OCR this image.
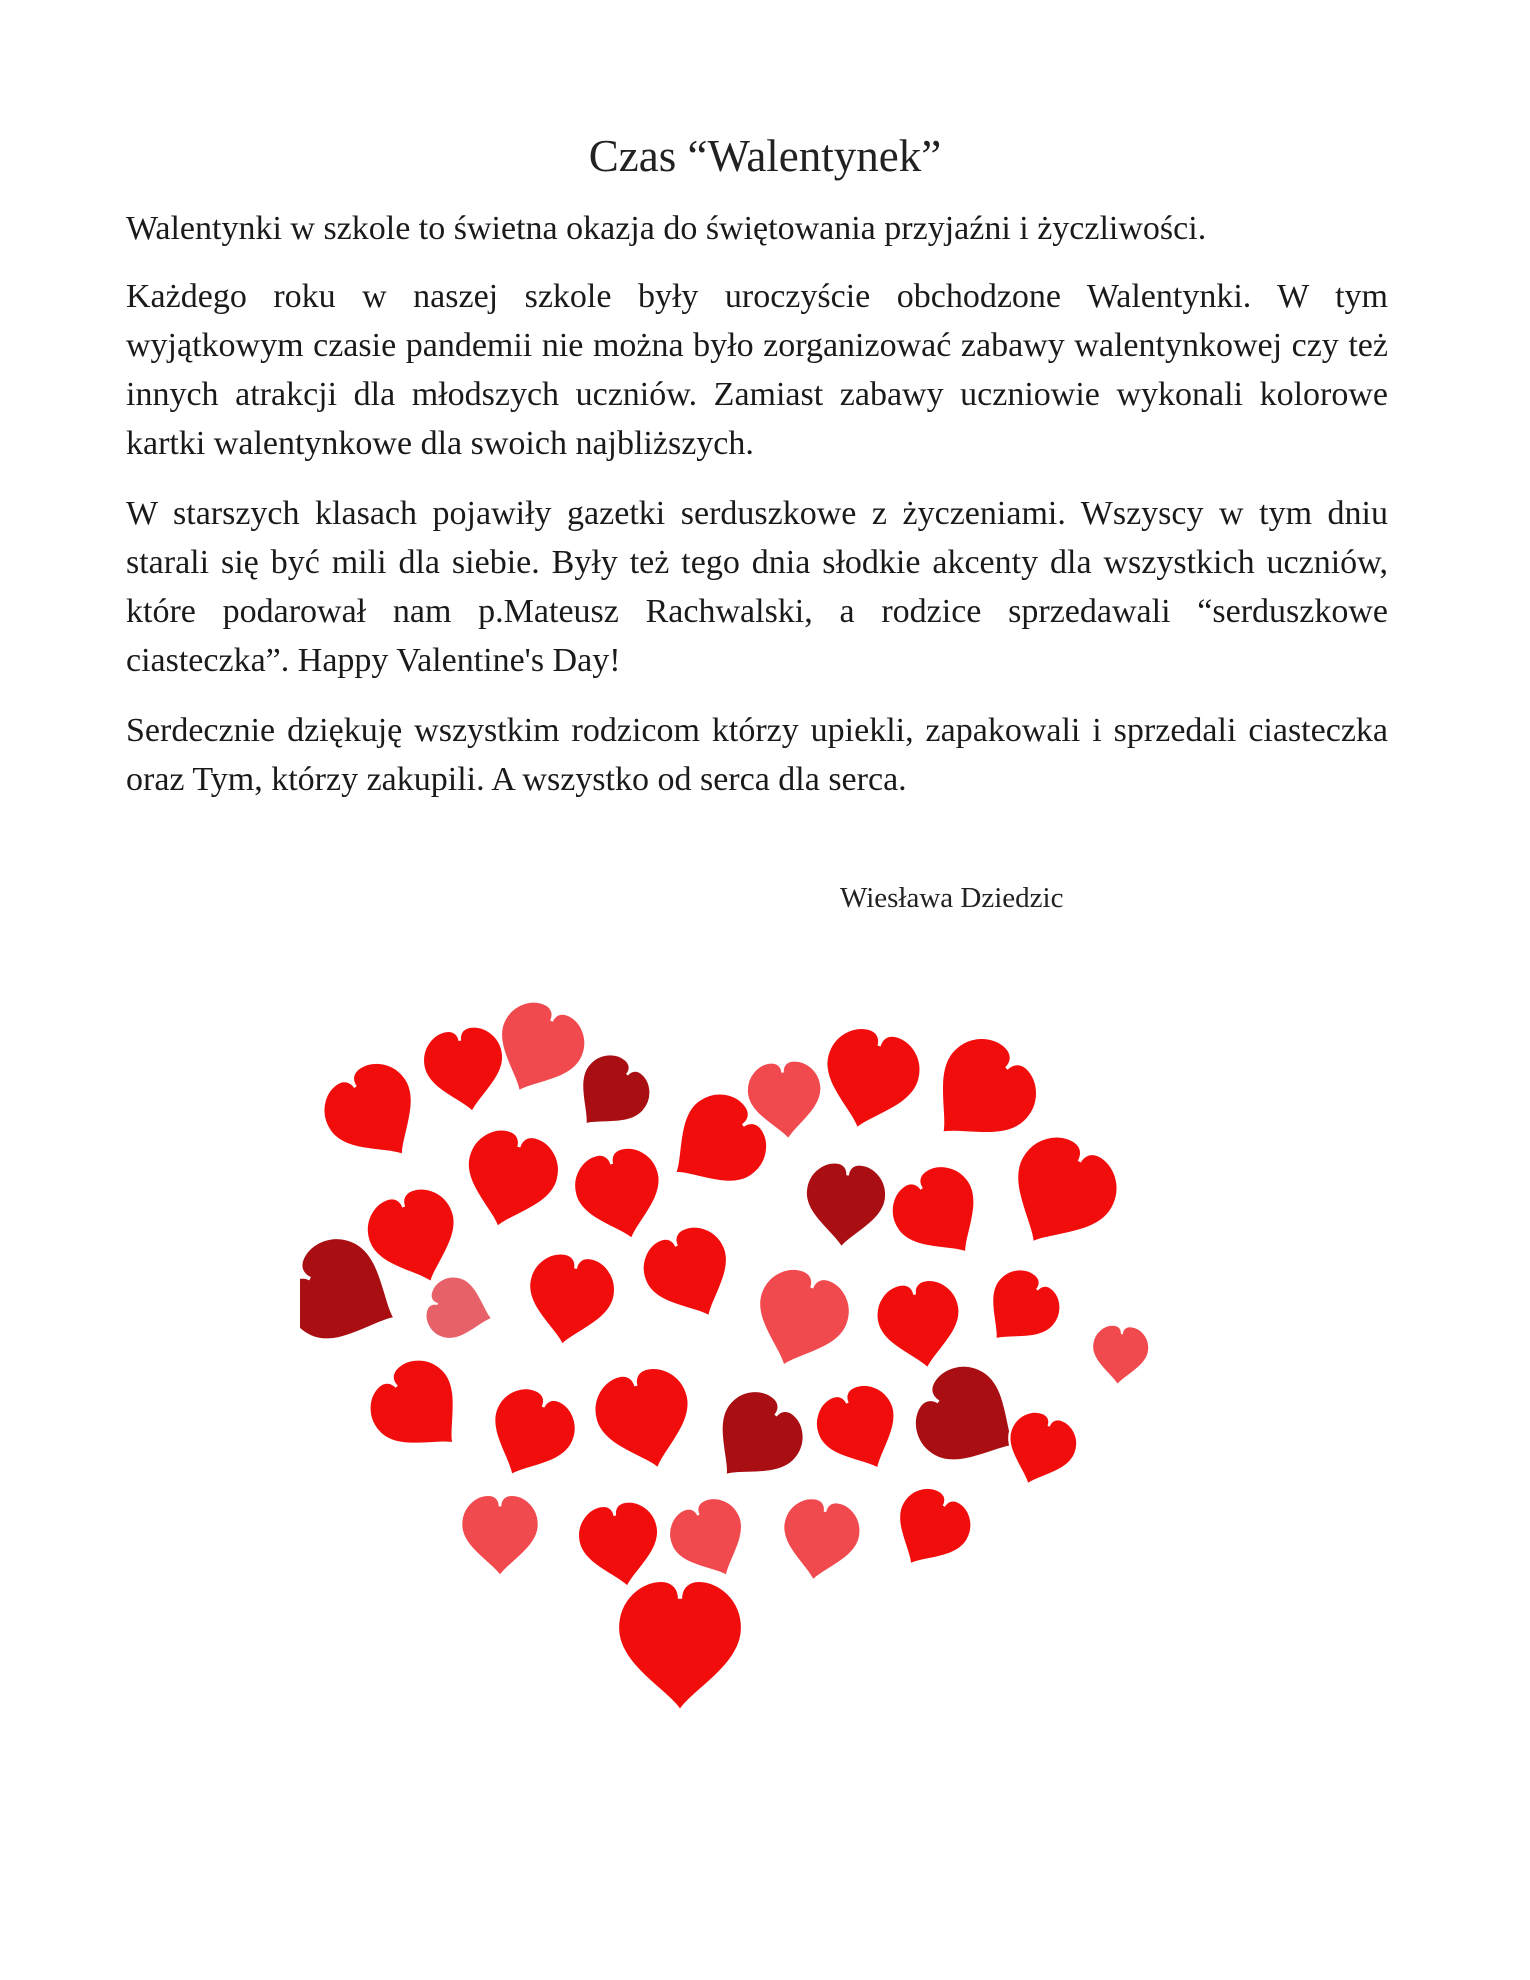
Czas “Walentynek”

Walentynki w szkole to świetna okazja do świętowania przyjaźni i życzliwości.

Każdego roku w naszej szkole były uroczyście obchodzone Walentynki. W tym wyjątkowym czasie pandemii nie można było zorganizować zabawy walentynkowej czy też innych atrakcji dla młodszych uczniów. Zamiast zabawy uczniowie wykonali kolorowe kartki walentynkowe dla swoich najbliższych.

W starszych klasach pojawiły gazetki serduszkowe z życzeniami. Wszyscy w tym dniu starali się być mili dla siebie. Były też tego dnia słodkie akcenty dla wszystkich uczniów, które podarował nam p.Mateusz Rachwalski, a rodzice sprzedawali “serduszkowe ciasteczka”. Happy Valentine's Day!

Serdecznie dziękuję wszystkim rodzicom którzy upiekli, zapakowali i sprzedali ciasteczka oraz Tym, którzy zakupili. A wszystko od serca dla serca.

Wiesława Dziedzic
